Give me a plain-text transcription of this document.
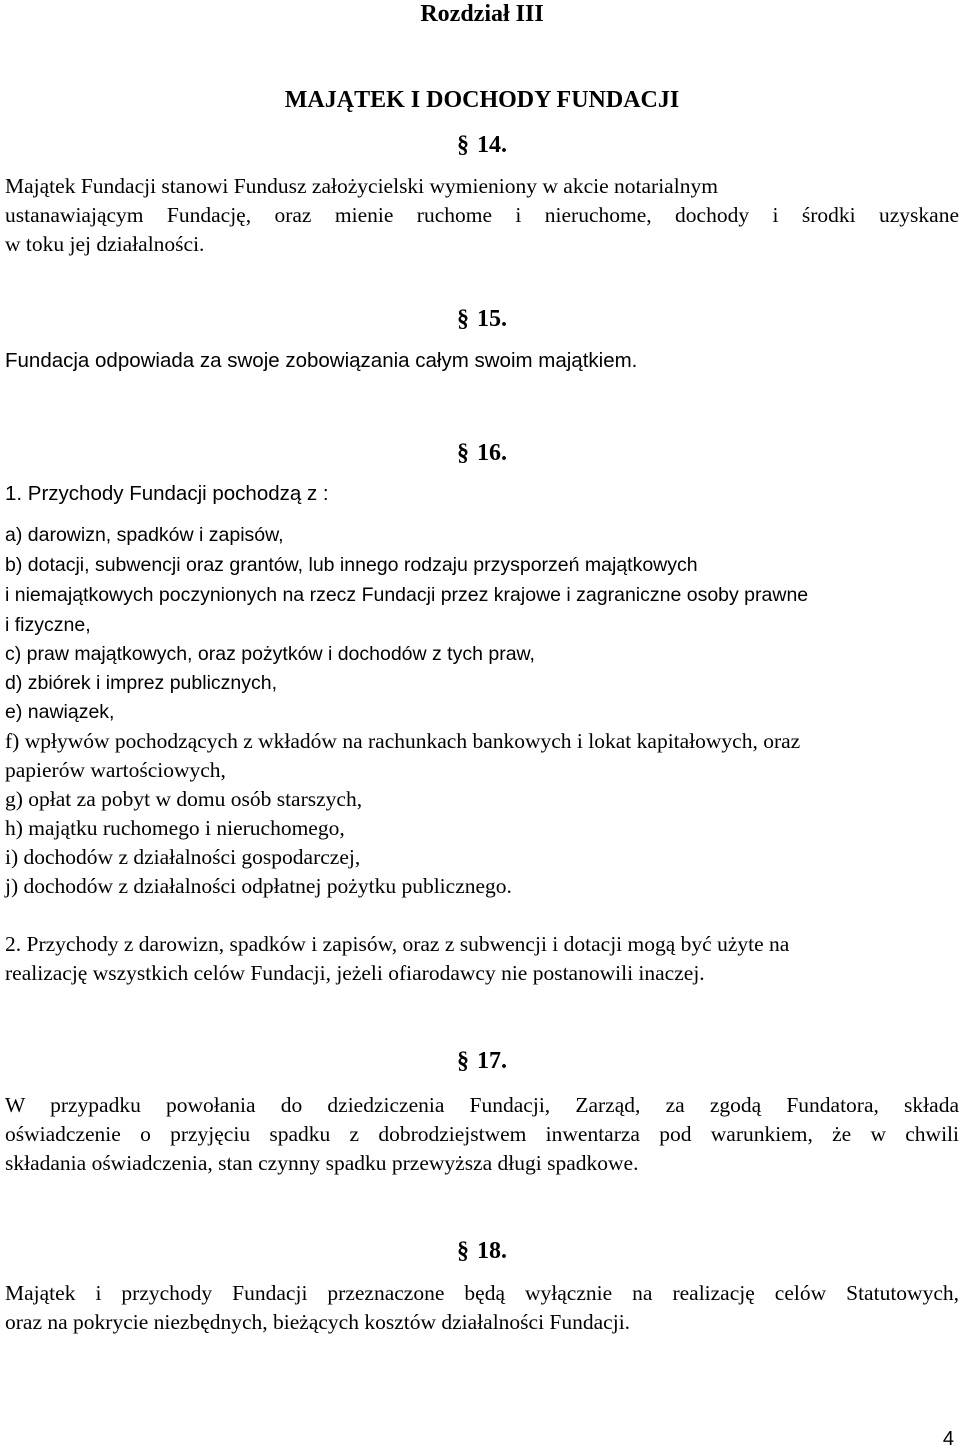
Rozdział III
MAJĄTEK I DOCHODY FUNDACJI
§ 14.
Majątek Fundacji stanowi Fundusz założycielski wymieniony w akcie notarialnym
ustanawiającym Fundację, oraz mienie ruchome i nieruchome, dochody i środki uzyskane
w toku jej działalności.
§ 15.
Fundacja odpowiada za swoje zobowiązania całym swoim majątkiem.
§ 16.
1. Przychody Fundacji pochodzą z :
a) darowizn, spadków i zapisów,
b) dotacji, subwencji oraz grantów, lub innego rodzaju przysporzeń majątkowych
i niemajątkowych poczynionych na rzecz Fundacji przez krajowe i zagraniczne osoby prawne
i fizyczne,
c) praw majątkowych, oraz pożytków i dochodów z tych praw,
d) zbiórek i imprez publicznych,
e) nawiązek,
f) wpływów pochodzących z wkładów na rachunkach bankowych i lokat kapitałowych, oraz
papierów wartościowych,
g) opłat za pobyt w domu osób starszych,
h) majątku ruchomego i nieruchomego,
i) dochodów z działalności gospodarczej,
j) dochodów z działalności odpłatnej pożytku publicznego.
2. Przychody z darowizn, spadków i zapisów, oraz z subwencji i dotacji mogą być użyte na
realizację wszystkich celów Fundacji, jeżeli ofiarodawcy nie postanowili inaczej.
§ 17.
W przypadku powołania do dziedziczenia Fundacji, Zarząd, za zgodą Fundatora, składa
oświadczenie o przyjęciu spadku z dobrodziejstwem inwentarza pod warunkiem, że w chwili
składania oświadczenia, stan czynny spadku przewyższa długi spadkowe.
§ 18.
Majątek i przychody Fundacji przeznaczone będą wyłącznie na realizację celów Statutowych,
oraz na pokrycie niezbędnych, bieżących kosztów działalności Fundacji.
4
